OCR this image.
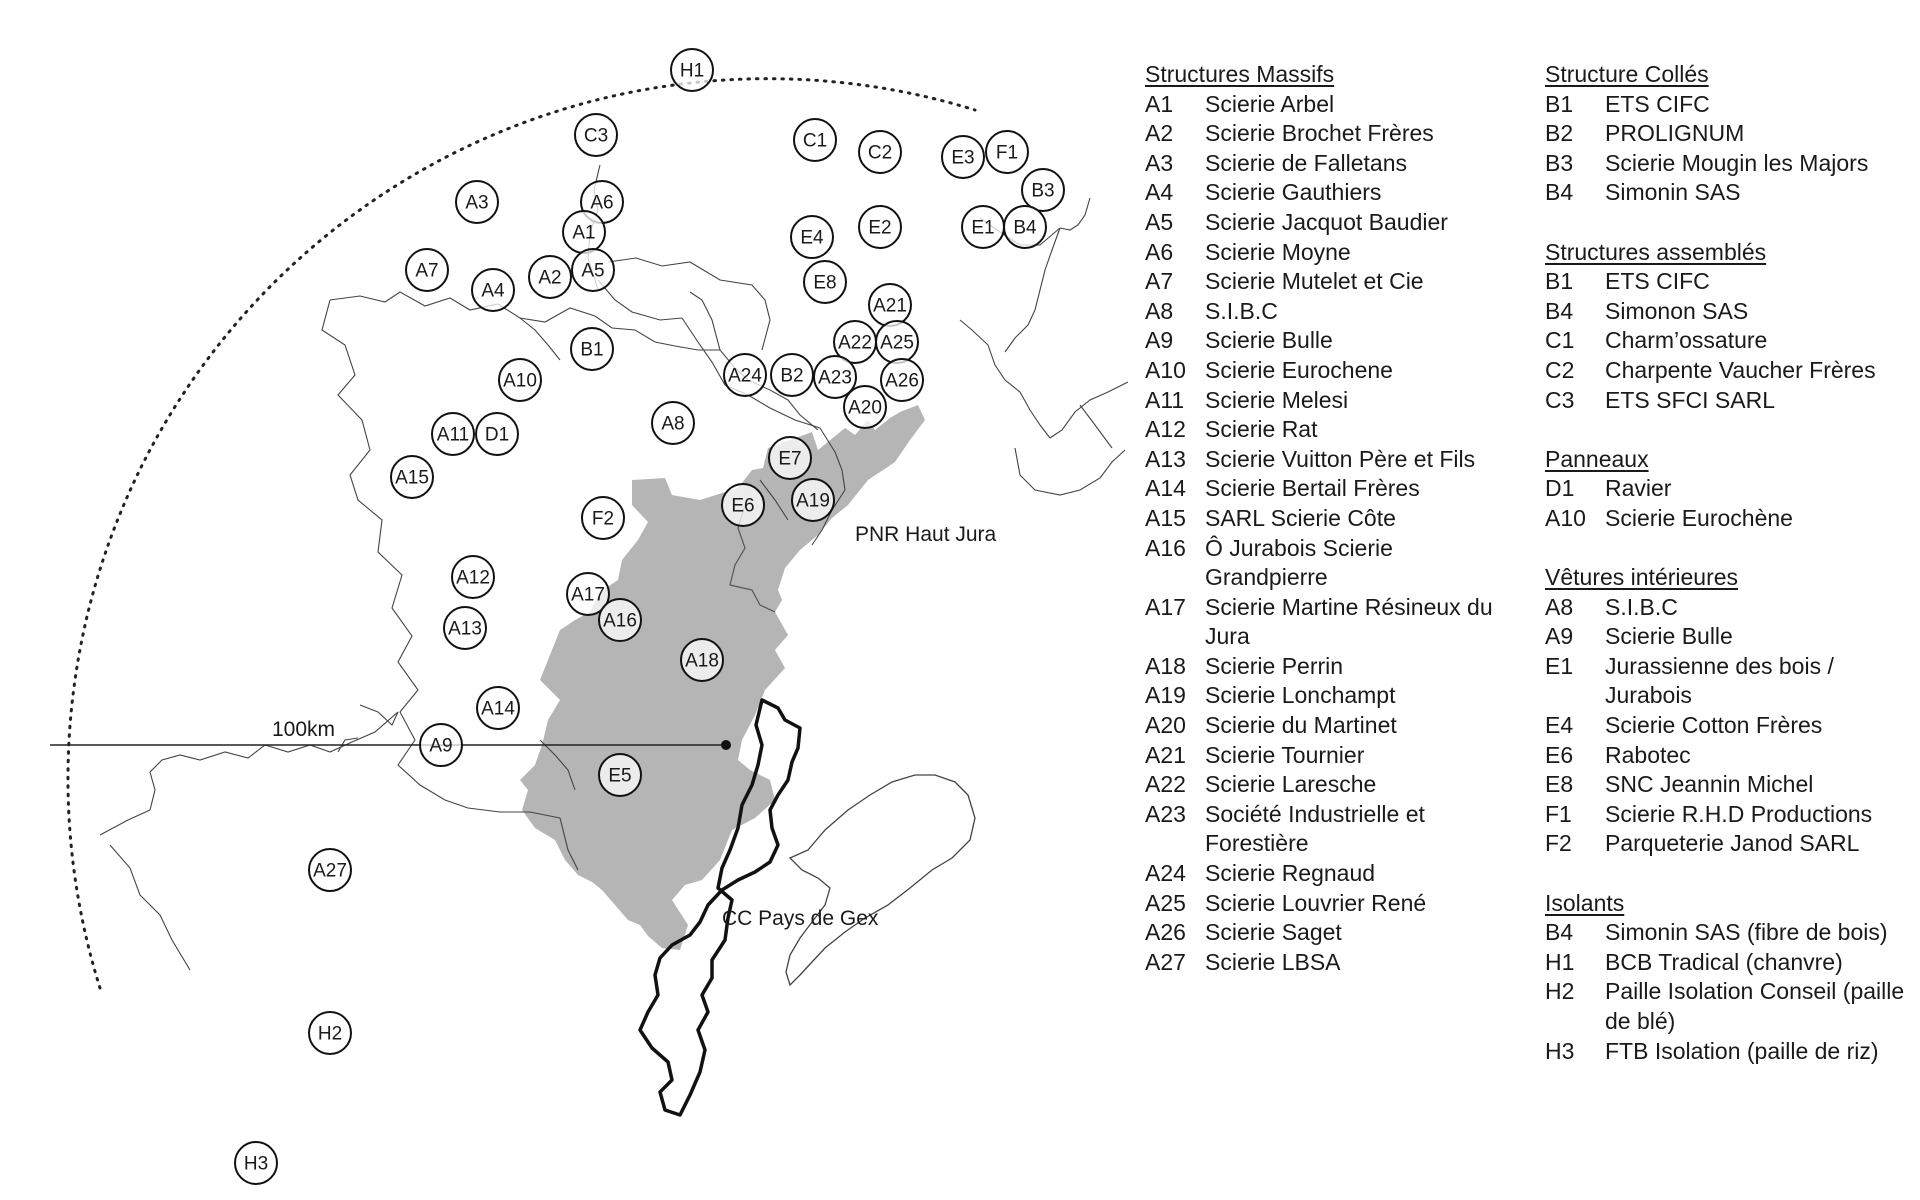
PNR Haut Jura
CC Pays de Gex
100km
H1
C3	C1
C2	E3 F1
B3
E1 B4
A3	A6
A1
A5
A2
A7
A4
E4 E2
E8
A21
A22 A25
B1
A24 B2 A23 A26
A20
A10
A8
A11 D1
E7
A15
E6 A19
F2
A12
A17
A16
A13
A18
A14
A9
E5
A27
H2
H3
Structures Massifs
A1	Scierie Arbel
A2	Scierie Brochet Frères
A3	Scierie de Falletans
A4	Scierie Gauthiers
A5	Scierie Jacquot Baudier
A6	Scierie Moyne
A7	Scierie Mutelet et Cie
A8	S.I.B.C
A9	Scierie Bulle
A10 Scierie Eurochene
A11 Scierie Melesi
A12 Scierie Rat
A13 Scierie Vuitton Père et Fils
A14 Scierie Bertail Frères
A15 SARL Scierie Côte
A16 Ô Jurabois Scierie Grandpierre
A17 Scierie Martine Résineux du Jura
A18 Scierie Perrin
A19 Scierie Lonchampt
A20 Scierie du Martinet
A21 Scierie Tournier
A22 Scierie Laresche
A23 Société Industrielle et Forestière
A24 Scierie Regnaud
A25 Scierie Louvrier René
A26 Scierie Saget
A27 Scierie LBSA
Structure Collés
B1	ETS CIFC
B2	PROLIGNUM
B3	Scierie Mougin les Majors
B4	Simonin SAS
Structures assemblés
B1	ETS CIFC
B4	Simonon SAS
C1	Charm’ossature
C2	Charpente Vaucher Frères
C3	ETS SFCI SARL
Panneaux
D1	Ravier
A10 Scierie Eurochène
Vêtures intérieures
A8	S.I.B.C
A9	Scierie Bulle
E1	Jurassienne des bois / Jurabois
E4	Scierie Cotton Frères
E6	Rabotec
E8	SNC Jeannin Michel
F1	Scierie R.H.D Productions
F2	Parqueterie Janod SARL
Isolants
B4	Simonin SAS (fibre de bois)
H1	BCB Tradical (chanvre)
H2	Paille Isolation Conseil (paille de blé)
H3	FTB Isolation (paille de riz)
